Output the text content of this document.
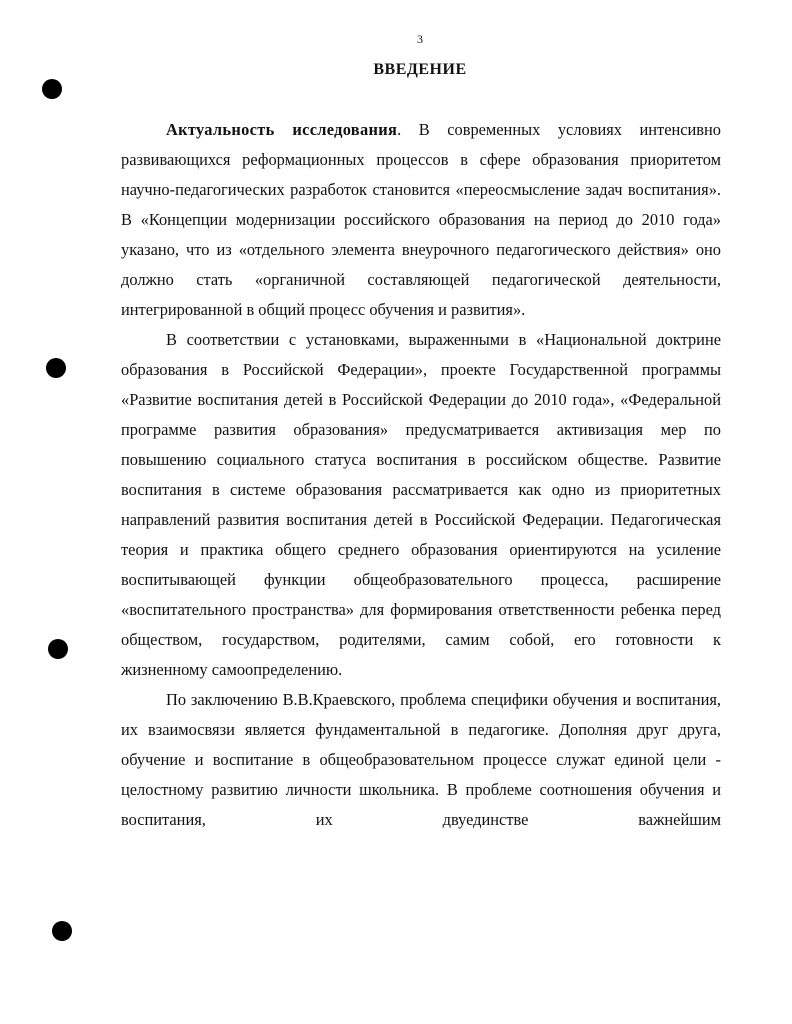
3
ВВЕДЕНИЕ

Актуальность исследования. В современных условиях интенсивно развивающихся реформационных процессов в сфере образования приоритетом научно-педагогических разработок становится «переосмысление задач воспитания». В «Концепции модернизации российского образования на период до 2010 года» указано, что из «отдельного элемента внеурочного педагогического действия» оно должно стать «органичной составляющей педагогической деятельности,
интегрированной в общий процесс обучения и развития».

В соответствии с установками, выраженными в «Национальной доктрине образования в Российской Федерации», проекте Государственной программы «Развитие воспитания детей в Российской Федерации до 2010 года», «Федеральной программе развития образования» предусматривается активизация мер по повышению социального статуса воспитания в российском обществе. Развитие воспитания в системе образования рассматривается как одно из приоритетных направлений развития воспитания детей в Российской Федерации. Педагогическая теория и практика общего среднего образования ориентируются на усиление воспитывающей функции общеобразовательного процесса, расширение «воспитательного пространства» для формирования ответственности ребенка перед обществом, государством, родителями, самим собой, его готовности к
жизненному самоопределению.

По заключению В.В.Краевского, проблема специфики обучения и воспитания, их взаимосвязи является фундаментальной в педагогике. Дополняя друг друга, обучение и воспитание в общеобразовательном процессе служат единой цели - целостному развитию личности школьника. В проблеме соотношения обучения и воспитания, их двуединстве важнейшим
